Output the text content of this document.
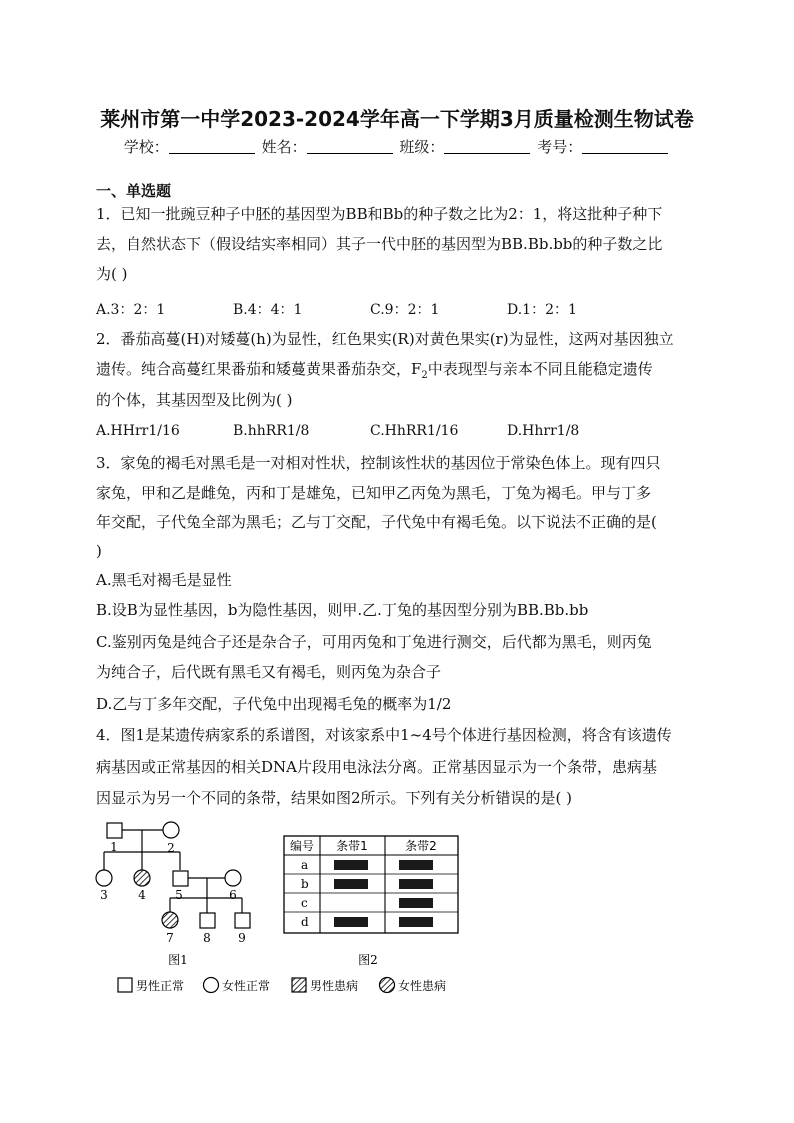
莱州市第一中学2023-2024学年高一下学期3月质量检测生物试卷
学校：	姓名：	班级：	考号：
一、单选题
1．已知一批豌豆种子中胚的基因型为BB和Bb的种子数之比为2：1，将这批种子种下
去，自然状态下（假设结实率相同）其子一代中胚的基因型为BB.Bb.bb的种子数之比
为( )
A.3：2：1	B.4：4：1	C.9：2：1	D.1：2：1
2．番茄高蔓(H)对矮蔓(h)为显性，红色果实(R)对黄色果实(r)为显性，这两对基因独立
遗传。纯合高蔓红果番茄和矮蔓黄果番茄杂交，$F_2$中表现型与亲本不同且能稳定遗传
的个体，其基因型及比例为( )
A.HHrr1/16	B.hhRR1/8	C.HhRR1/16	D.Hhrr1/8
3．家兔的褐毛对黑毛是一对相对性状，控制该性状的基因位于常染色体上。现有四只
家兔，甲和乙是雌兔，丙和丁是雄兔，已知甲乙丙兔为黑毛，丁兔为褐毛。甲与丁多
年交配，子代兔全部为黑毛；乙与丁交配，子代兔中有褐毛兔。以下说法不正确的是(
)
A.黑毛对褐毛是显性
B.设B为显性基因，b为隐性基因，则甲.乙.丁兔的基因型分别为BB.Bb.bb
C.鉴别丙兔是纯合子还是杂合子，可用丙兔和丁兔进行测交，后代都为黑毛，则丙兔
为纯合子，后代既有黑毛又有褐毛，则丙兔为杂合子
D.乙与丁多年交配，子代兔中出现褐毛兔的概率为1/2
4．图1是某遗传病家系的系谱图，对该家系中1~4号个体进行基因检测，将含有该遗传
病基因或正常基因的相关DNA片段用电泳法分离。正常基因显示为一个条带，患病基
因显示为另一个不同的条带，结果如图2所示。下列有关分析错误的是( )
1	2
3	4 5	6
7 8 9
图1
编号 条带1	条带2
a
b
c
d
图2
男性正常	女性正常	男性患病	女性患病
